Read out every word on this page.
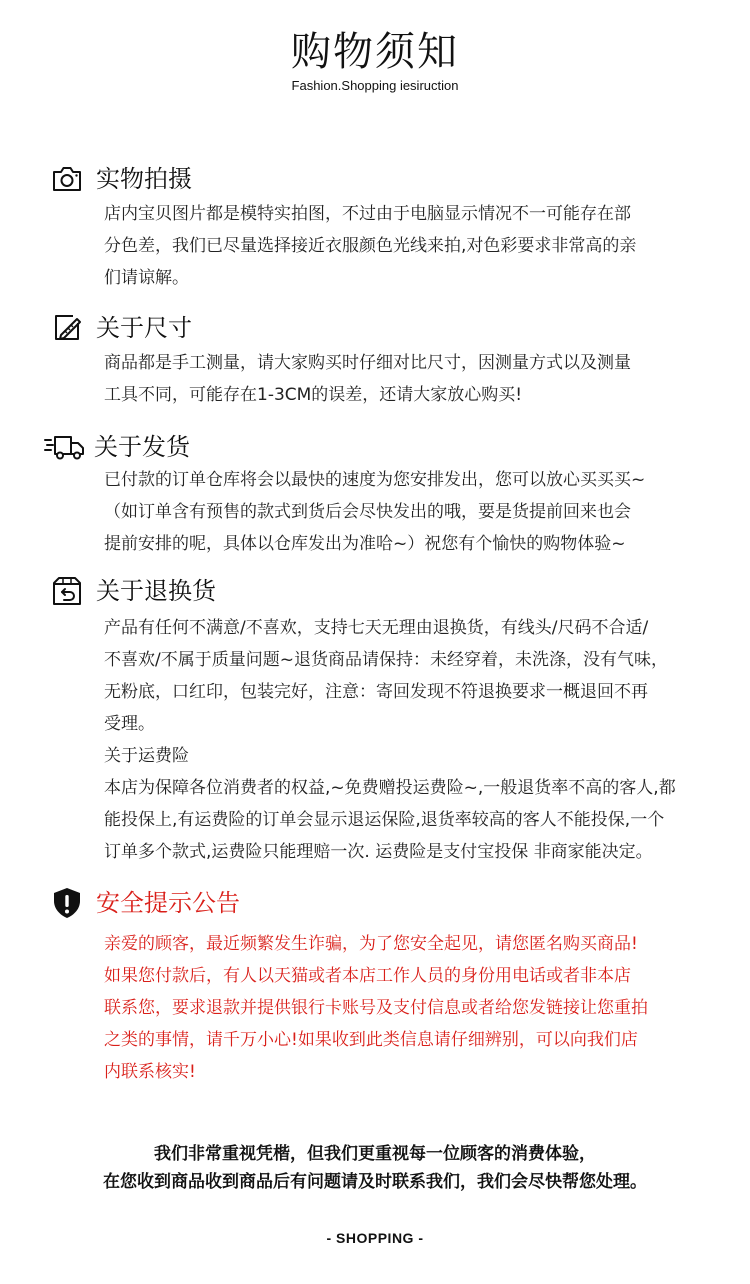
购物须知
Fashion.Shopping iesiruction
实物拍摄

店内宝贝图片都是模特实拍图，不过由于电脑显示情况不一可能存在部

分色差，我们已尽量选择接近衣服颜色光线来拍,对色彩要求非常高的亲

们请谅解。

关于尺寸

商品都是手工测量，请大家购买时仔细对比尺寸，因测量方式以及测量

工具不同，可能存在1-3CM的误差，还请大家放心购买!

关于发货

已付款的订单仓库将会以最快的速度为您安排发出，您可以放心买买买~

（如订单含有预售的款式到货后会尽快发出的哦，要是货提前回来也会

提前安排的呢，具体以仓库发出为准哈~）祝您有个愉快的购物体验~

关于退换货

产品有任何不满意/不喜欢，支持七天无理由退换货，有线头/尺码不合适/

不喜欢/不属于质量问题~退货商品请保持：未经穿着，未洗涤，没有气味，

无粉底，口红印，包装完好，注意：寄回发现不符退换要求一概退回不再

受理。

关于运费险

本店为保障各位消费者的权益,~免费赠投运费险~,一般退货率不高的客人,都

能投保上,有运费险的订单会显示退运保险,退货率较高的客人不能投保,一个

订单多个款式,运费险只能理赔一次. 运费险是支付宝投保 非商家能决定。

安全提示公告

亲爱的顾客，最近频繁发生诈骗，为了您安全起见，请您匿名购买商品!

如果您付款后，有人以天猫或者本店工作人员的身份用电话或者非本店

联系您，要求退款并提供银行卡账号及支付信息或者给您发链接让您重拍

之类的事情，请千万小心!如果收到此类信息请仔细辨别，可以向我们店

内联系核实!

我们非常重视凭楷，但我们更重视每一位顾客的消费体验，

在您收到商品收到商品后有问题请及时联系我们，我们会尽快帮您处理。

- SHOPPING -
